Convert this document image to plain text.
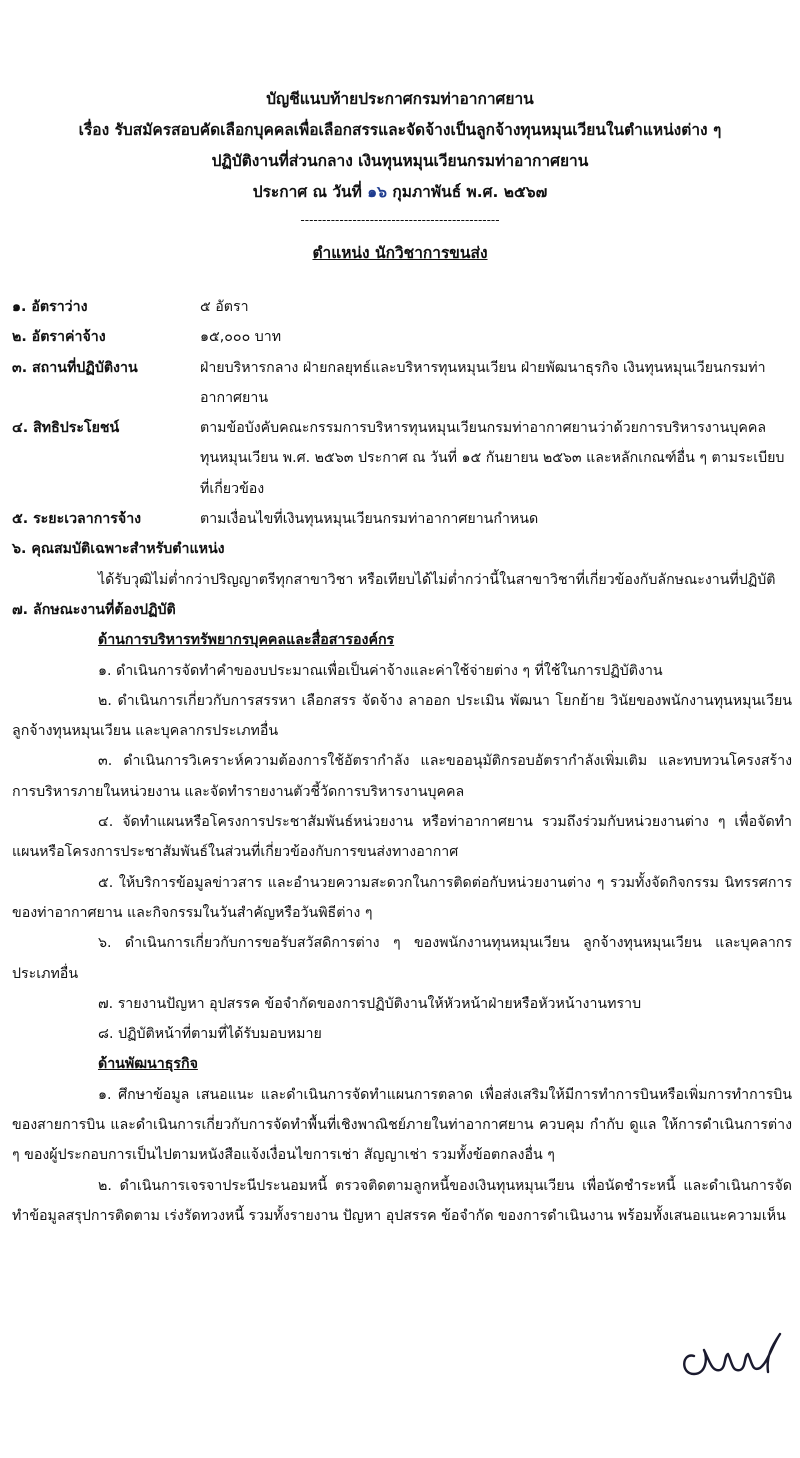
บัญชีแนบท้ายประกาศกรมท่าอากาศยาน
เรื่อง รับสมัครสอบคัดเลือกบุคคลเพื่อเลือกสรรและจัดจ้างเป็นลูกจ้างทุนหมุนเวียนในตำแหน่งต่าง ๆ
ปฏิบัติงานที่ส่วนกลาง เงินทุนหมุนเวียนกรมท่าอากาศยาน
ประกาศ ณ วันที่ ๑๖ กุมภาพันธ์ พ.ศ. ๒๕๖๗
----------------------------------------------
ตำแหน่ง นักวิชาการขนส่ง
๑. อัตราว่าง	๕ อัตรา
๒. อัตราค่าจ้าง	๑๕,๐๐๐ บาท
๓. สถานที่ปฏิบัติงาน	ฝ่ายบริหารกลาง ฝ่ายกลยุทธ์และบริหารทุนหมุนเวียน ฝ่ายพัฒนาธุรกิจ เงินทุนหมุนเวียนกรมท่าอากาศยาน
๔. สิทธิประโยชน์	ตามข้อบังคับคณะกรรมการบริหารทุนหมุนเวียนกรมท่าอากาศยานว่าด้วยการบริหารงานบุคคลทุนหมุนเวียน พ.ศ. ๒๕๖๓ ประกาศ ณ วันที่ ๑๕ กันยายน ๒๕๖๓ และหลักเกณฑ์อื่น ๆ ตามระเบียบที่เกี่ยวข้อง
๕. ระยะเวลาการจ้าง	ตามเงื่อนไขที่เงินทุนหมุนเวียนกรมท่าอากาศยานกำหนด
๖. คุณสมบัติเฉพาะสำหรับตำแหน่ง
ได้รับวุฒิไม่ต่ำกว่าปริญญาตรีทุกสาขาวิชา หรือเทียบได้ไม่ต่ำกว่านี้ในสาขาวิชาที่เกี่ยวข้องกับลักษณะงานที่ปฏิบัติ
๗. ลักษณะงานที่ต้องปฏิบัติ
ด้านการบริหารทรัพยากรบุคคลและสื่อสารองค์กร
๑. ดำเนินการจัดทำคำของบประมาณเพื่อเป็นค่าจ้างและค่าใช้จ่ายต่าง ๆ ที่ใช้ในการปฏิบัติงาน
๒. ดำเนินการเกี่ยวกับการสรรหา เลือกสรร จัดจ้าง ลาออก ประเมิน พัฒนา โยกย้าย วินัยของพนักงานทุนหมุนเวียน ลูกจ้างทุนหมุนเวียน และบุคลากรประเภทอื่น
๓. ดำเนินการวิเคราะห์ความต้องการใช้อัตรากำลัง และขออนุมัติกรอบอัตรากำลังเพิ่มเติม และทบทวนโครงสร้างการบริหารภายในหน่วยงาน และจัดทำรายงานตัวชี้วัดการบริหารงานบุคคล
๔. จัดทำแผนหรือโครงการประชาสัมพันธ์หน่วยงาน หรือท่าอากาศยาน รวมถึงร่วมกับหน่วยงานต่าง ๆ เพื่อจัดทำแผนหรือโครงการประชาสัมพันธ์ในส่วนที่เกี่ยวข้องกับการขนส่งทางอากาศ
๕. ให้บริการข้อมูลข่าวสาร และอำนวยความสะดวกในการติดต่อกับหน่วยงานต่าง ๆ รวมทั้งจัดกิจกรรม นิทรรศการของท่าอากาศยาน และกิจกรรมในวันสำคัญหรือวันพิธีต่าง ๆ
๖. ดำเนินการเกี่ยวกับการขอรับสวัสดิการต่าง ๆ ของพนักงานทุนหมุนเวียน ลูกจ้างทุนหมุนเวียน และบุคลากรประเภทอื่น
๗. รายงานปัญหา อุปสรรค ข้อจำกัดของการปฏิบัติงานให้หัวหน้าฝ่ายหรือหัวหน้างานทราบ
๘. ปฏิบัติหน้าที่ตามที่ได้รับมอบหมาย
ด้านพัฒนาธุรกิจ
๑. ศึกษาข้อมูล เสนอแนะ และดำเนินการจัดทำแผนการตลาด เพื่อส่งเสริมให้มีการทำการบินหรือเพิ่มการทำการบินของสายการบิน และดำเนินการเกี่ยวกับการจัดทำพื้นที่เชิงพาณิชย์ภายในท่าอากาศยาน ควบคุม กำกับ ดูแล ให้การดำเนินการต่าง ๆ ของผู้ประกอบการเป็นไปตามหนังสือแจ้งเงื่อนไขการเช่า สัญญาเช่า รวมทั้งข้อตกลงอื่น ๆ
๒. ดำเนินการเจรจาประนีประนอมหนี้ ตรวจติดตามลูกหนี้ของเงินทุนหมุนเวียน เพื่อนัดชำระหนี้ และดำเนินการจัดทำข้อมูลสรุปการติดตาม เร่งรัดทวงหนี้ รวมทั้งรายงาน ปัญหา อุปสรรค ข้อจำกัด ของการดำเนินงาน พร้อมทั้งเสนอแนะความเห็น
